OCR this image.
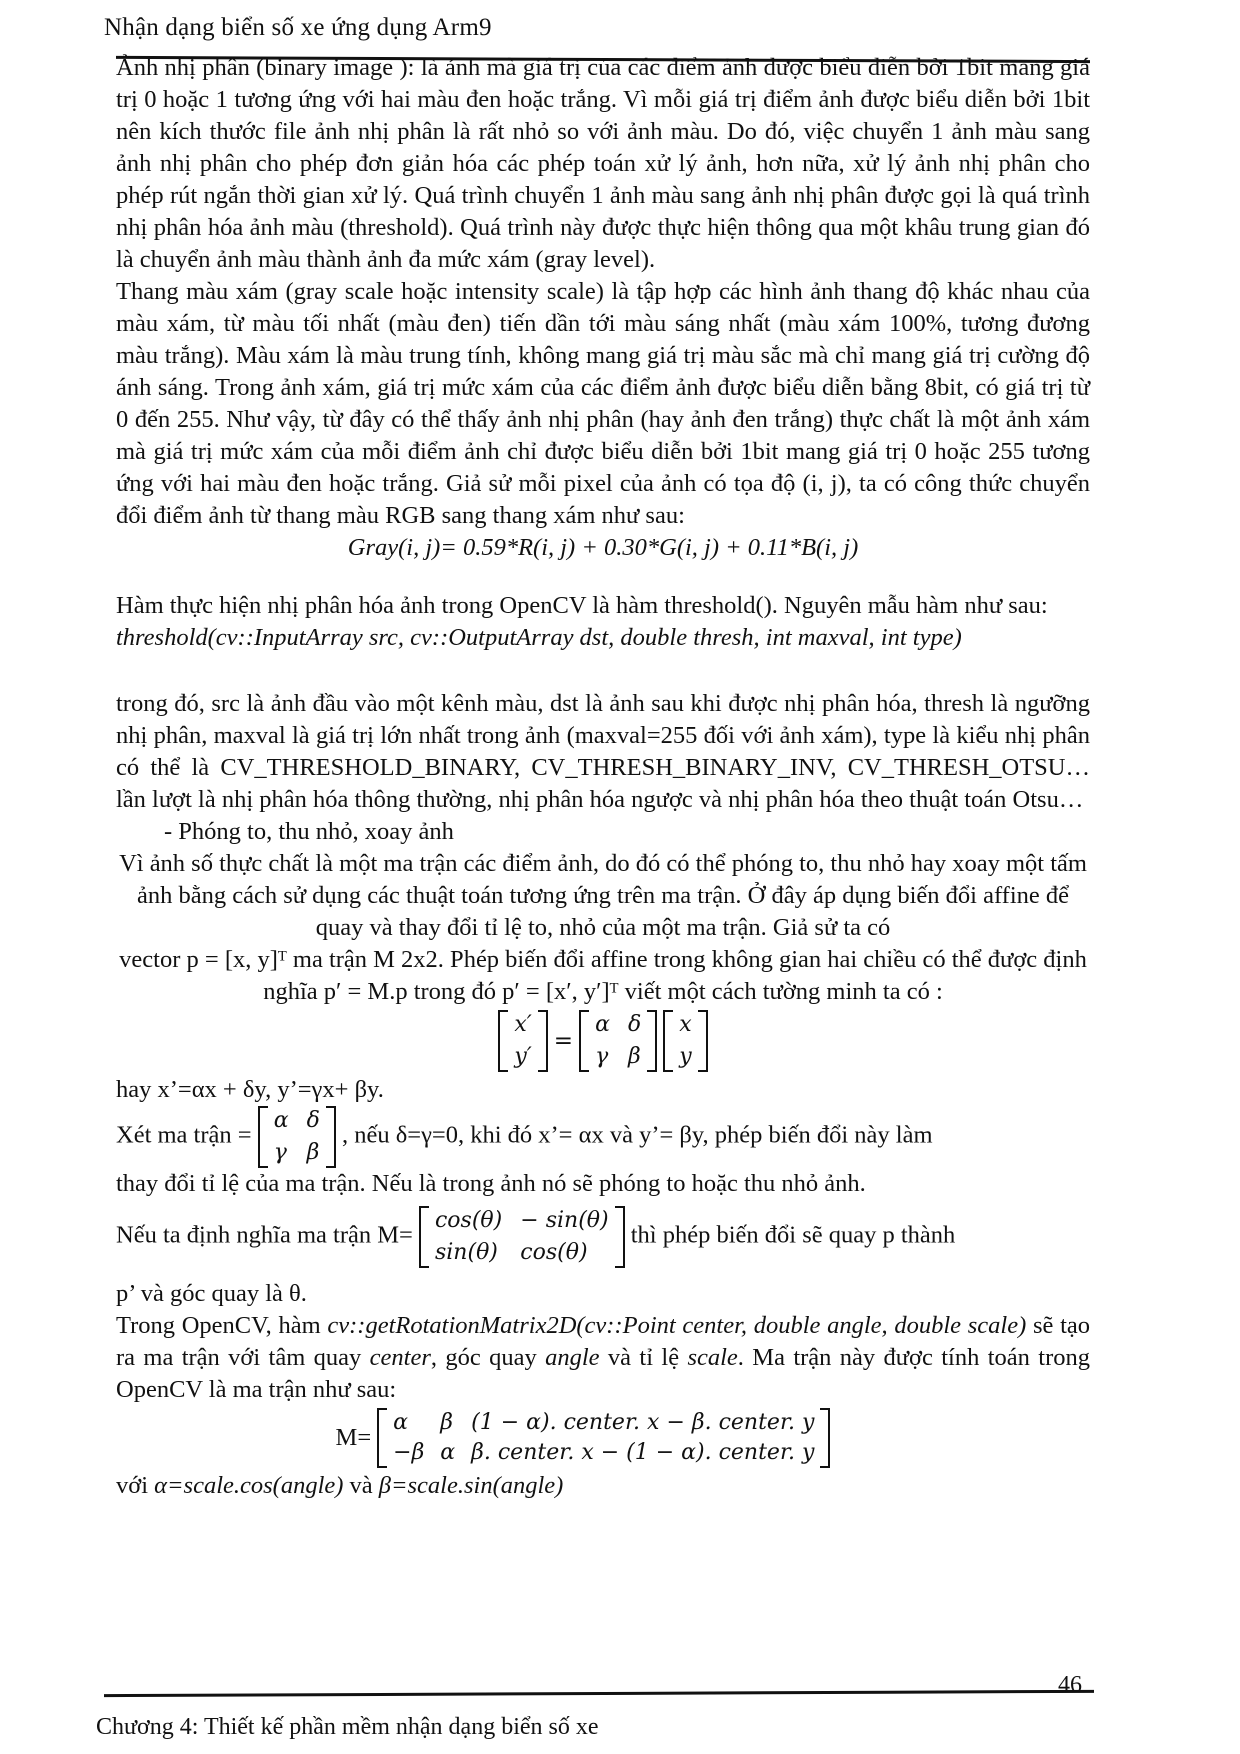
Nhận dạng biển số xe ứng dụng Arm9

Ảnh nhị phân (binary image ): là ảnh mà giá trị của các điểm ảnh được biểu diễn bởi 1bit mang giá trị 0 hoặc 1 tương ứng với hai màu đen hoặc trắng. Vì mỗi giá trị điểm ảnh được biểu diễn bởi 1bit nên kích thước file ảnh nhị phân là rất nhỏ so với ảnh màu. Do đó, việc chuyển 1 ảnh màu sang ảnh nhị phân cho phép đơn giản hóa các phép toán xử lý ảnh, hơn nữa, xử lý ảnh nhị phân cho phép rút ngắn thời gian xử lý. Quá trình chuyển 1 ảnh màu sang ảnh nhị phân được gọi là quá trình nhị phân hóa ảnh màu (threshold). Quá trình này được thực hiện thông qua một khâu trung gian đó là chuyển ảnh màu thành ảnh đa mức xám (gray level).

Thang màu xám (gray scale hoặc intensity scale) là tập hợp các hình ảnh thang độ khác nhau của màu xám, từ màu tối nhất (màu đen) tiến dần tới màu sáng nhất (màu xám 100%, tương đương màu trắng). Màu xám là màu trung tính, không mang giá trị màu sắc mà chỉ mang giá trị cường độ ánh sáng. Trong ảnh xám, giá trị mức xám của các điểm ảnh được biểu diễn bằng 8bit, có giá trị từ 0 đến 255. Như vậy, từ đây có thể thấy ảnh nhị phân (hay ảnh đen trắng) thực chất là một ảnh xám mà giá trị mức xám của mỗi điểm ảnh chỉ được biểu diễn bởi 1bit mang giá trị 0 hoặc 255 tương ứng với hai màu đen hoặc trắng. Giả sử mỗi pixel của ảnh có tọa độ (i, j), ta có công thức chuyển đổi điểm ảnh từ thang màu RGB sang thang xám như sau:

Gray(i, j)= 0.59*R(i, j) + 0.30*G(i, j) + 0.11*B(i, j)

Hàm thực hiện nhị phân hóa ảnh trong OpenCV là hàm threshold(). Nguyên mẫu hàm như sau:

threshold(cv::InputArray src, cv::OutputArray dst, double thresh, int maxval, int type)

trong đó, src là ảnh đầu vào một kênh màu, dst là ảnh sau khi được nhị phân hóa, thresh là ngưỡng nhị phân, maxval là giá trị lớn nhất trong ảnh (maxval=255 đối với ảnh xám), type là kiểu nhị phân có thể là CV_THRESHOLD_BINARY, CV_THRESH_BINARY_INV, CV_THRESH_OTSU…lần lượt là nhị phân hóa thông thường, nhị phân hóa ngược và nhị phân hóa theo thuật toán Otsu…

- Phóng to, thu nhỏ, xoay ảnh

Vì ảnh số thực chất là một ma trận các điểm ảnh, do đó có thể phóng to, thu nhỏ hay xoay một tấm ảnh bằng cách sử dụng các thuật toán tương ứng trên ma trận. Ở đây áp dụng biến đổi affine để quay và thay đổi tỉ lệ to, nhỏ của một ma trận. Giả sử ta có

vector p = [x, y]ᵀ ma trận M 2x2. Phép biến đổi affine trong không gian hai chiều có thể được định nghĩa p′ = M.p trong đó p′ = [x′, y′]ᵀ viết một cách tường minh ta có :

x′
y′
=
α δ
γ β
x
y

hay x’=αx + δy, y’=γx+ βy.

Xét ma trận =
α δ
γ β
, nếu δ=γ=0, khi đó x’= αx và y’= βy, phép biến đổi này làm

thay đổi tỉ lệ của ma trận. Nếu là trong ảnh nó sẽ phóng to hoặc thu nhỏ ảnh.

Nếu ta định nghĩa ma trận M=
cos(θ) − sin(θ)
sin(θ) cos(θ)
thì phép biến đổi sẽ quay p thành

p’ và góc quay là θ.

Trong OpenCV, hàm cv::getRotationMatrix2D(cv::Point center, double angle, double scale) sẽ tạo ra ma trận với tâm quay center, góc quay angle và tỉ lệ scale. Ma trận này được tính toán trong OpenCV là ma trận như sau:

M=
α	β (1 − α). center. x − β. center. y
−β α β. center. x − (1 − α). center. y

với α=scale.cos(angle) và β=scale.sin(angle)

46
Chương 4: Thiết kế phần mềm nhận dạng biển số xe
